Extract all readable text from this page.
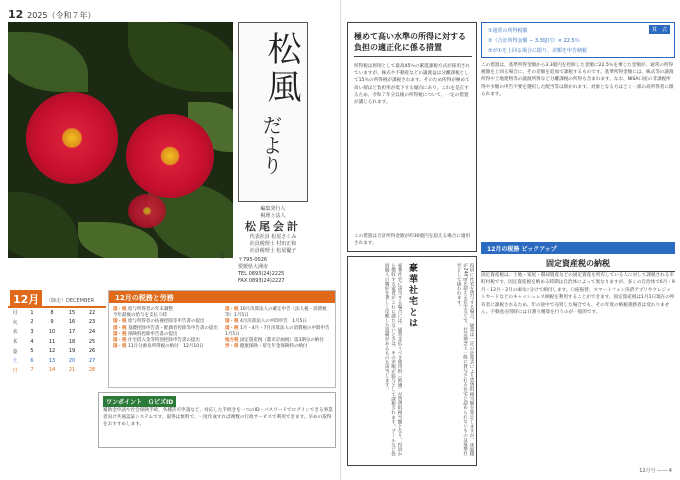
12 2025（令和７年）
椿
松風
だより
編集発行人
税理士法人
松尾会計
代表社員 松尾さくみ
社員税理士 村田正和
社員税理士 松尾優子
〒795-0026
愛媛県大洲市
TEL 0893(24)2225
FAX 0893(24)2227
12月	（師走）DECEMBER
月	1	8	15	22
火	2	9	16	23
水	3	10	17	24
木	4	11	18	25
金	5	12	19	26
土	6	13	20	27
日	7	14	21	28
12月の税務と労務
国・税 給与所得者の年末調整
今年最後の給与を支払う時
国・税 給与所得者の扶養控除等申告書の提出
国・税 基礎控除申告書・配偶者控除等申告書の提出
国・税 保険料控除申告書の提出
国・税 住宅借入金等特別控除申告書の提出
国・税 11月分源泉所得税の納付　12月10日
国・税 10月決算法人の確定申告（法人税・消費税等）1月5日
国・税 4月決算法人の中間申告　1月5日
国・税 1月・4月・7月決算法人の消費税の中間申告　1月5日
地方税 固定資産税（都市計画税）第3期分の納付
労・保 健康保険・厚生年金保険料の納付
ワンポイント　ＧビズID
補助金申請や社会保険手続、各種許可申請など、対応した手続きを一つのID・パスワードでログインできる事業者向け共通認証システムです。取得は無料で、一度作成すれば複数の行政サービスで利用できます。早めの取得をおすすめします。
極めて高い水準の所得に対する負担の適正化に係る措置
所得税は原則として最高45％の累進課税方式が採用されていますが、株式や不動産などの譲渡益は分離課税として15％の所得税が課税されます。そのため所得が極めて高い層ほど負担率が低下する傾向にあり、これを是正するため、令和７年分以後の所得税について、一定の措置が講じられます。
この措置は合計所得金額が約30億円を超える場合に適用されます。
算　式
①通常の所得税額
②（合計所得金額 − 3.3億円）× 22.5％
②が①を上回る場合に限り、差額を申告納税
この措置は、基準所得金額から3.3億円を控除した金額に22.5％を乗じた金額が、通常の所得税額を上回る場合に、その差額を追加で課税するものです。基準所得金額には、株式等の譲渡所得や土地建物等の譲渡所得など分離課税の所得も含まれます。なお、NISA口座の非課税所得や少額の申告不要を選択した配当等は除かれます。対象となる方はごく一部の高所得者に限られます。
役員に社宅を貸与する場合、通常は一定の計算式により賃貸料相当額を算定しますが、床面積が240㎡を超える住宅などで、社会通念上一般に貸与される住宅と認められないものは豪華社宅として扱われます。
豪華社宅とは
豪華社宅に該当する場合には、通常支払うべき使用料（時価）が賃貸料相当額となり、役員から徴収する家賃がこれに満たないときは、その差額が給与として課税されます。プールなど役員個人の嗜好を著しく反映した設備があるものも該当します。
12月の税務 ピックアップ
固定資産税の納税
固定資産税は、土地・家屋・償却資産などの固定資産を所有している人に対して課税される市町村税です。固定資産税を納める時期は自治体によって異なりますが、多くの自治体で6月・9月・12月・2月の4回に分けて納付します。口座振替、スマートフォン決済アプリやクレジットカードなどのキャッシュレス納税を利用することができます。固定資産税は1月1日現在の所有者に課税されるため、年の途中で売買した場合でも、その年度の納税義務者は変わりません。不動産売買時には日割り精算を行うのが一般的です。
12月号 —— 4
